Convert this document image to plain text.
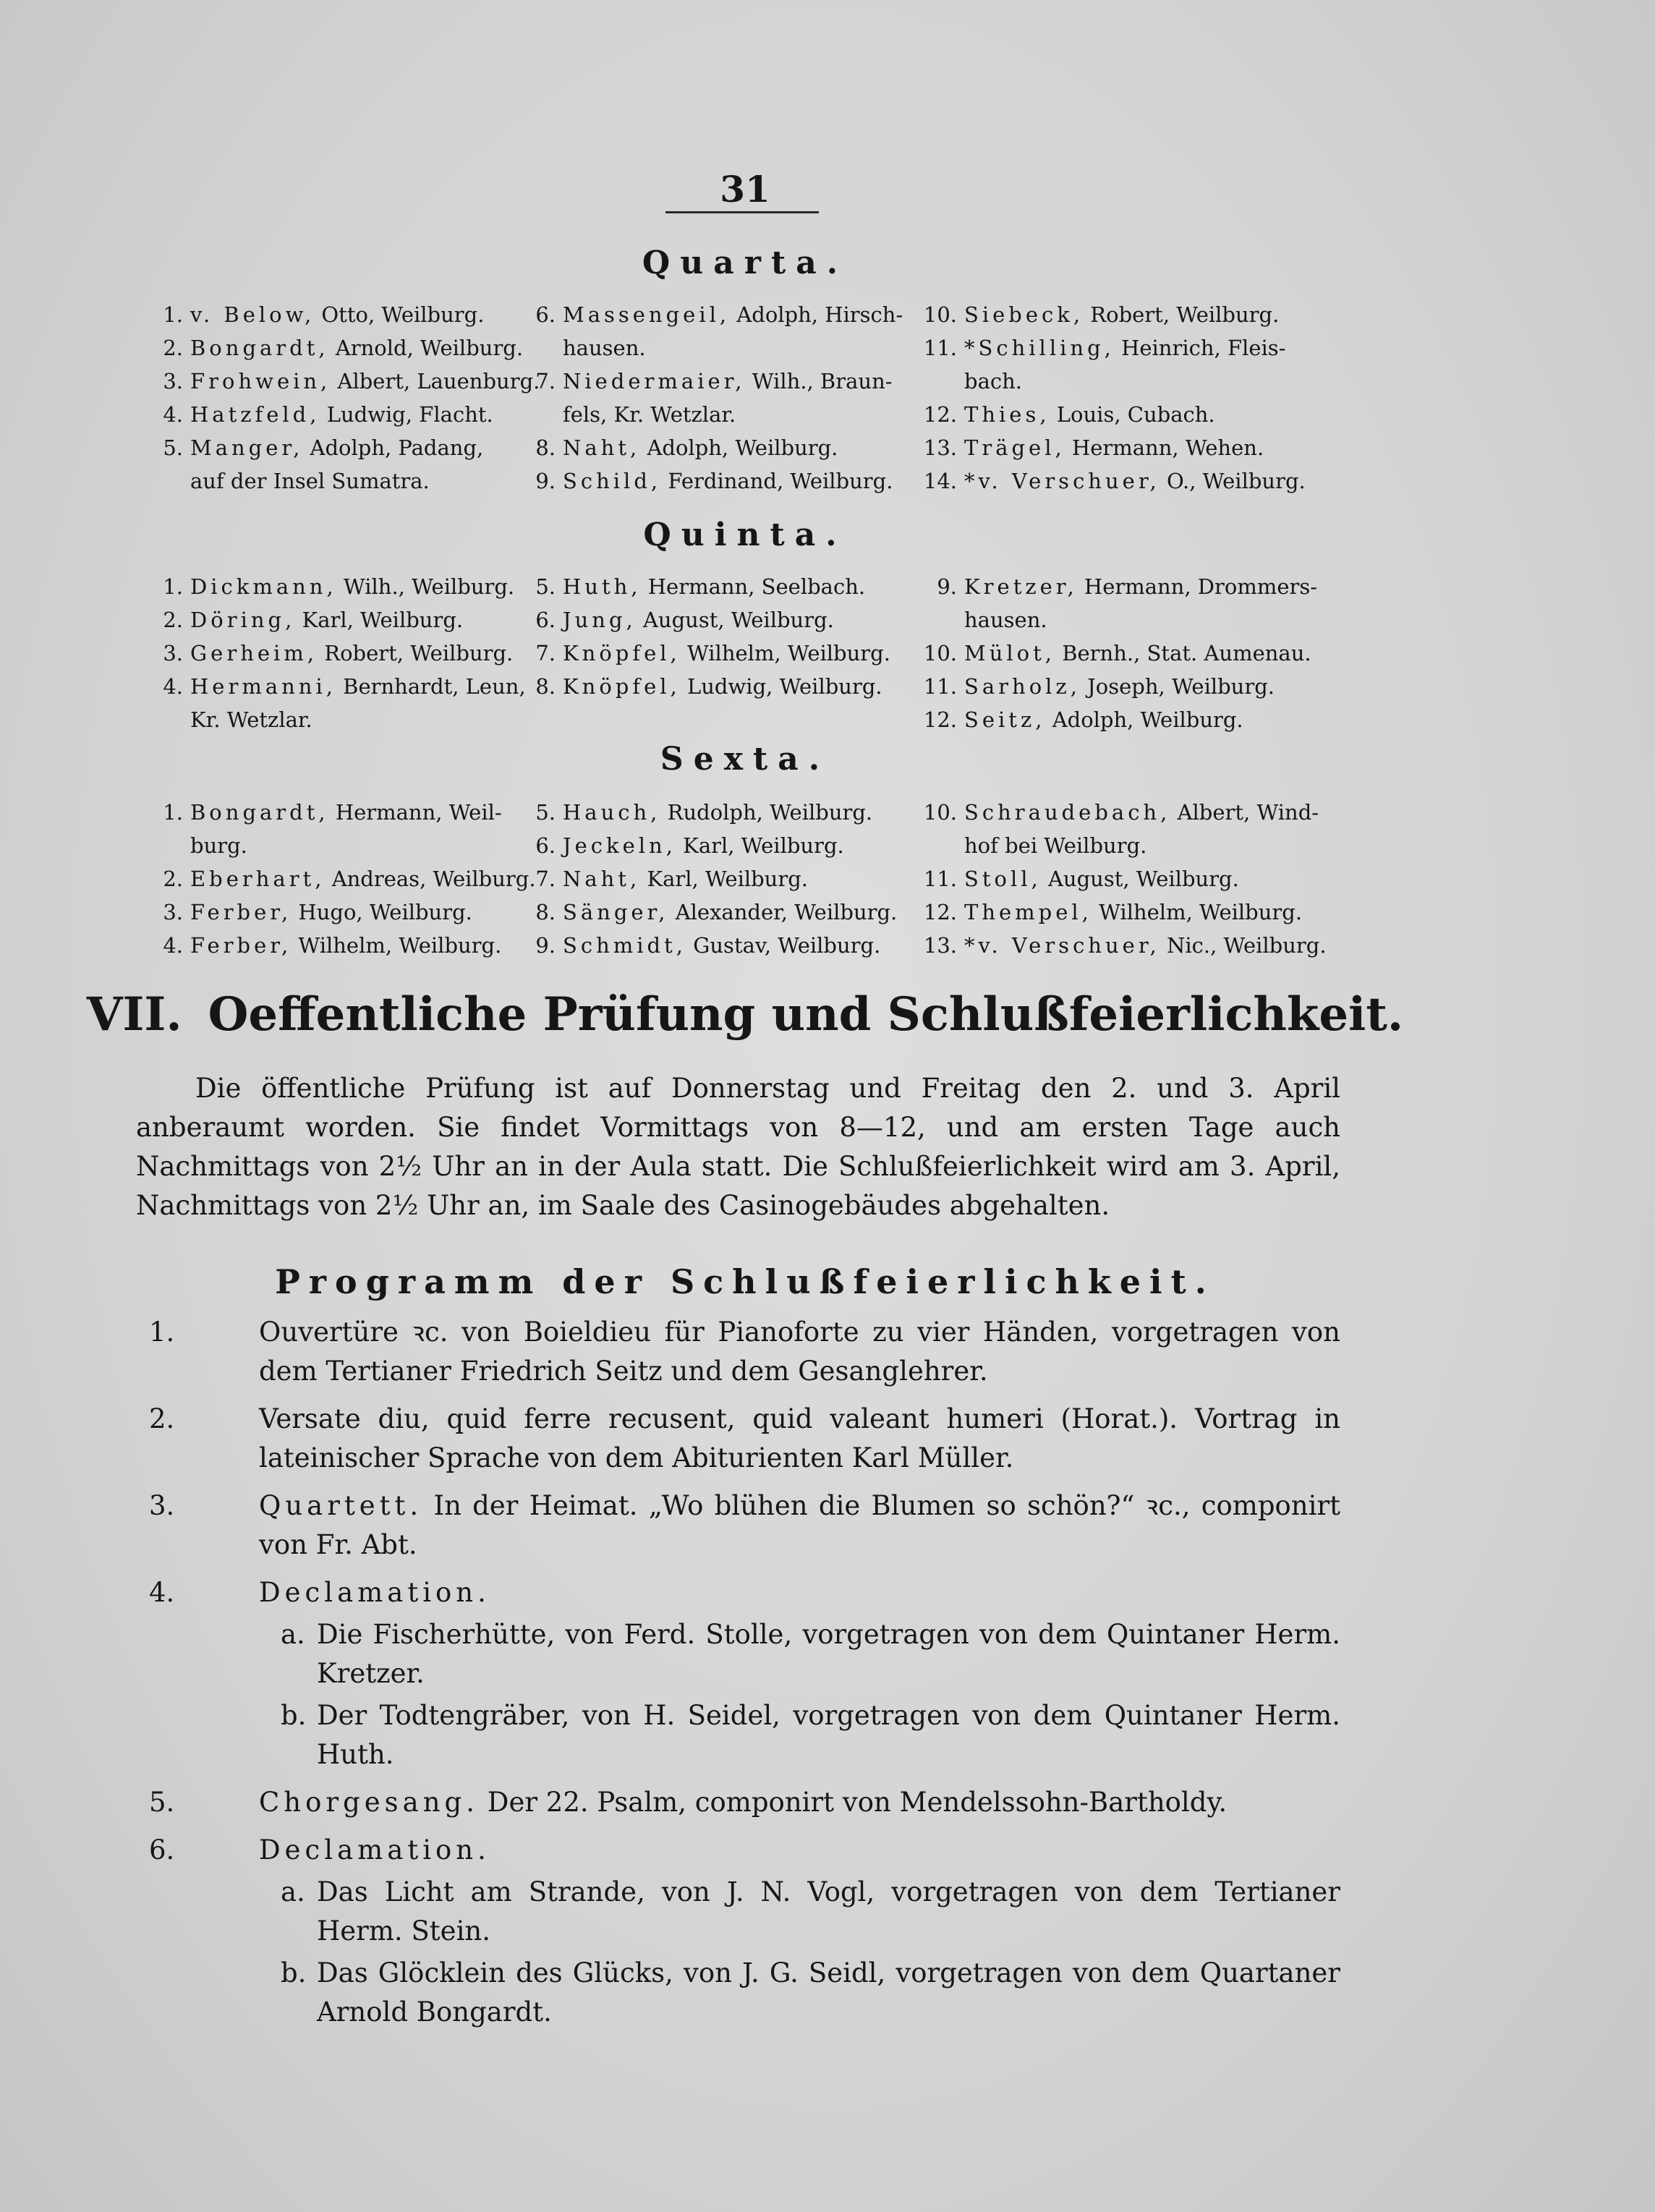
31
Quarta.
1. v. Below, Otto, Weilburg.
2. Bongardt, Arnold, Weilburg.
3. Frohwein, Albert, Lauenburg.
4. Hatzfeld, Ludwig, Flacht.
5. Manger, Adolph, Padang,
auf der Insel Sumatra.
6. Massengeil, Adolph, Hirsch-
hausen.
7. Niedermaier, Wilh., Braun-
fels, Kr. Wetzlar.
8. Naht, Adolph, Weilburg.
9. Schild, Ferdinand, Weilburg.
10. Siebeck, Robert, Weilburg.
11. *Schilling, Heinrich, Fleis-
bach.
12. Thies, Louis, Cubach.
13. Trägel, Hermann, Wehen.
14. *v. Verschuer, O., Weilburg.
Quinta.
1. Dickmann, Wilh., Weilburg.
2. Döring, Karl, Weilburg.
3. Gerheim, Robert, Weilburg.
4. Hermanni, Bernhardt, Leun,
Kr. Wetzlar.
5. Huth, Hermann, Seelbach.
6. Jung, August, Weilburg.
7. Knöpfel, Wilhelm, Weilburg.
8. Knöpfel, Ludwig, Weilburg.
9. Kretzer, Hermann, Drommers-
hausen.
10. Mülot, Bernh., Stat. Aumenau.
11. Sarholz, Joseph, Weilburg.
12. Seitz, Adolph, Weilburg.
Sexta.
1. Bongardt, Hermann, Weil-
burg.
2. Eberhart, Andreas, Weilburg.
3. Ferber, Hugo, Weilburg.
4. Ferber, Wilhelm, Weilburg.
5. Hauch, Rudolph, Weilburg.
6. Jeckeln, Karl, Weilburg.
7. Naht, Karl, Weilburg.
8. Sänger, Alexander, Weilburg.
9. Schmidt, Gustav, Weilburg.
10. Schraudebach, Albert, Wind-
hof bei Weilburg.
11. Stoll, August, Weilburg.
12. Thempel, Wilhelm, Weilburg.
13. *v. Verschuer, Nic., Weilburg.
VII. Oeffentliche Prüfung und Schlußfeierlichkeit.
Die öffentliche Prüfung ist auf Donnerstag und Freitag den 2. und 3. April anberaumt worden. Sie findet Vormittags von 8—12, und am ersten Tage auch Nachmittags von 2½ Uhr an in der Aula statt. Die Schlußfeierlichkeit wird am 3. April, Nachmittags von 2½ Uhr an, im Saale des Casinogebäudes abgehalten.
Programm der Schlußfeierlichkeit.
1.	Ouvertüre ꝛc. von Boieldieu für Pianoforte zu vier Händen, vorgetragen von dem Tertianer Friedrich Seitz und dem Gesanglehrer.
2.	Versate diu, quid ferre recusent, quid valeant humeri (Horat.). Vortrag in lateinischer Sprache von dem Abiturienten Karl Müller.
3.	Quartett. In der Heimat. „Wo blühen die Blumen so schön?“ ꝛc., componirt von Fr. Abt.
4.	Declamation.
a. Die Fischerhütte, von Ferd. Stolle, vorgetragen von dem Quintaner Herm. Kretzer.
b. Der Todtengräber, von H. Seidel, vorgetragen von dem Quintaner Herm. Huth.
5.	Chorgesang. Der 22. Psalm, componirt von Mendelssohn-Bartholdy.
6.	Declamation.
a. Das Licht am Strande, von J. N. Vogl, vorgetragen von dem Tertianer Herm. Stein.
b. Das Glöcklein des Glücks, von J. G. Seidl, vorgetragen von dem Quartaner Arnold Bongardt.
